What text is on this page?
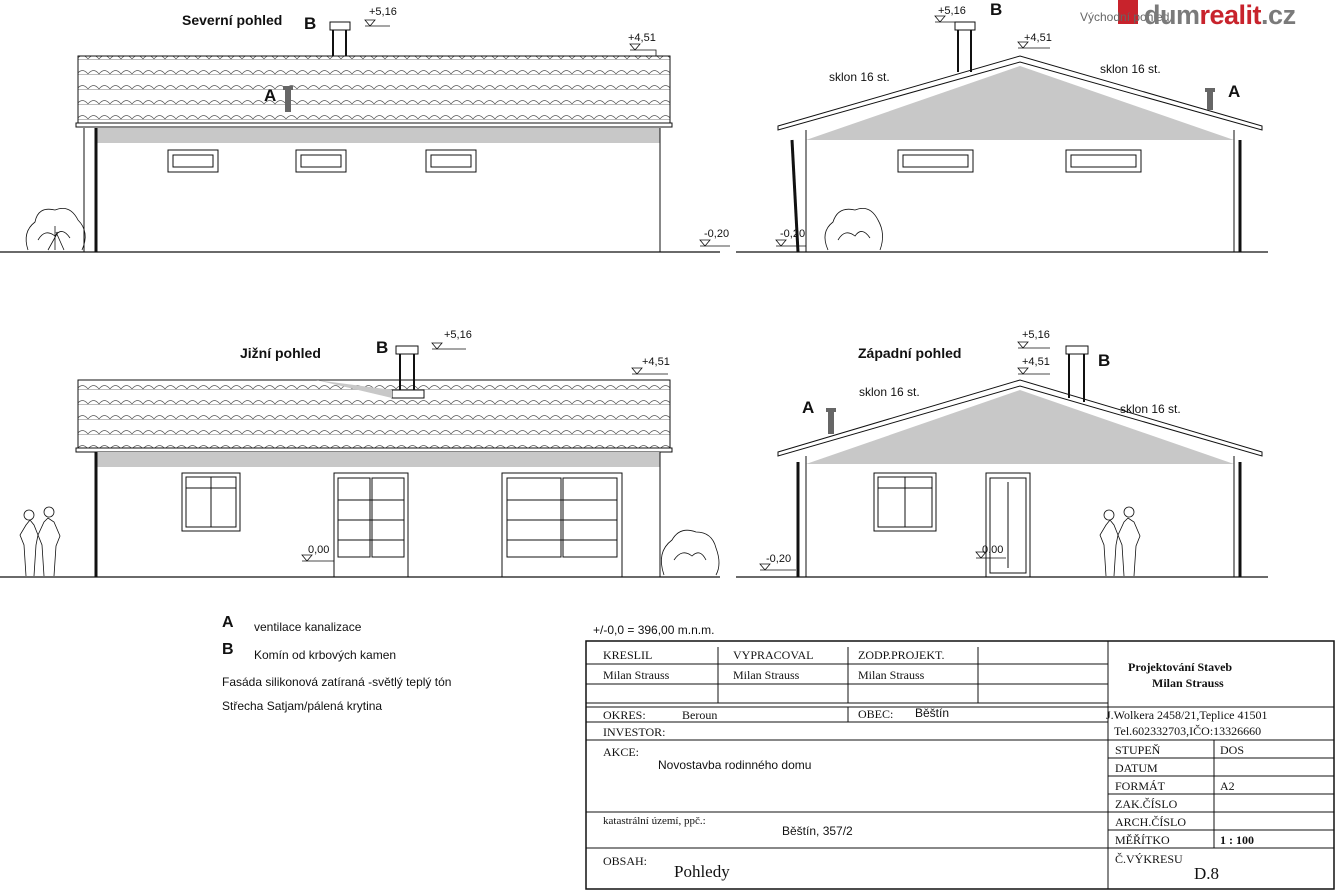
Severní pohled
Jižní pohled	Západní pohled
Východní pohled
B
A
B
A
B
B
A
sklon 16 st.
sklon 16 st.
sklon 16 st.
sklon 16 st.
+5,16
+4,51
-0,20
+5,16
+4,51
-0,20
+5,16
+4,51
0,00
+5,16
+4,51
-0,20
0,00
dumrealit.cz
A ventilace kanalizace
B Komín od krbových kamen
Fasáda silikonová zatíraná -světlý teplý tón
Střecha Satjam/pálená krytina
+/-0,0 = 396,00 m.n.m.
KRESLIL	VYPRACOVAL	ZODP.PROJEKT.
Milan Strauss	Milan Strauss	Milan Strauss
OKRES:	Beroun	OBEC: Běštín
INVESTOR:
AKCE:
Novostavba rodinného domu
katastrální území, ppč.:
Běštín, 357/2
OBSAH:
Pohledy
Projektování Staveb
Milan Strauss
J.Wolkera 2458/21,Teplice 41501
Tel.602332703,IČO:13326660
STUPEŇ	DOS
DATUM
FORMÁT	A2
ZAK.ČÍSLO
ARCH.ČÍSLO
MĚŘÍTKO	1 : 100
Č.VÝKRESU
D.8
